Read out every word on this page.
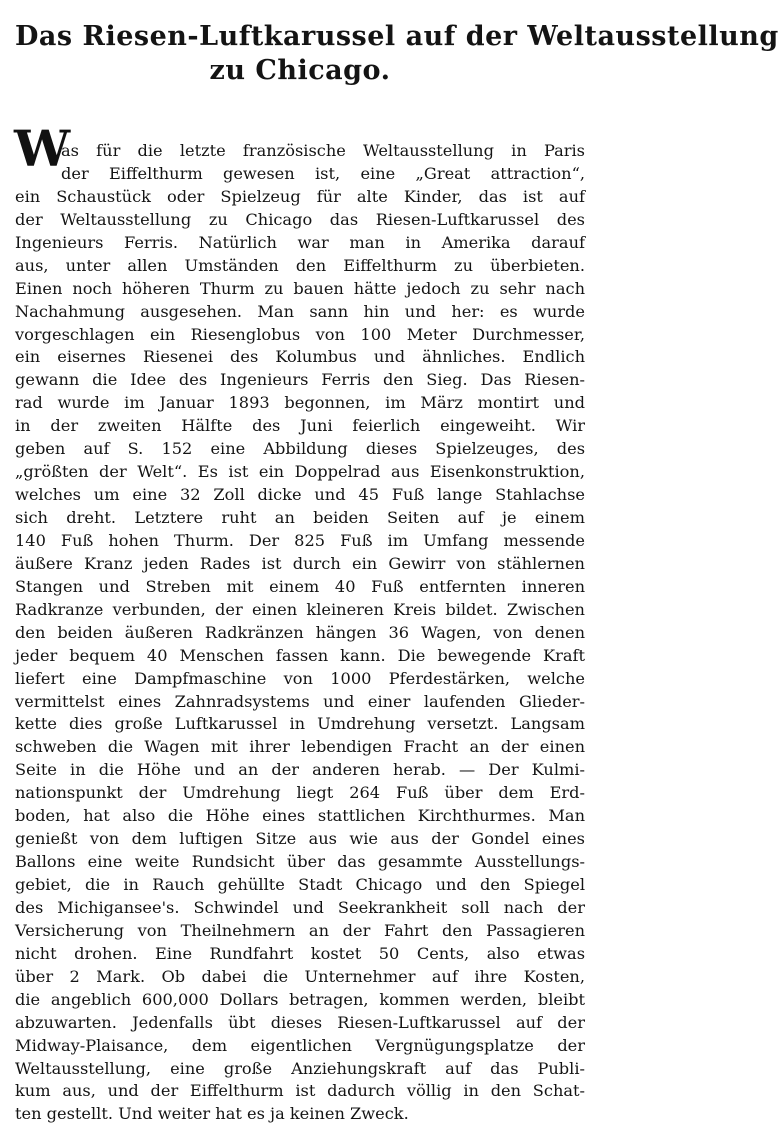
Das Riesen-Luftkarussel auf der Weltausstellung
zu Chicago.
W
as für die letzte französische Weltausstellung in Paris
der Eiffelthurm gewesen ist, eine „Great attraction“,
ein Schaustück oder Spielzeug für alte Kinder, das ist auf
der Weltausstellung zu Chicago das Riesen-Luftkarussel des
Ingenieurs Ferris. Natürlich war man in Amerika darauf
aus, unter allen Umständen den Eiffelthurm zu überbieten.
Einen noch höheren Thurm zu bauen hätte jedoch zu sehr nach
Nachahmung ausgesehen. Man sann hin und her: es wurde
vorgeschlagen ein Riesenglobus von 100 Meter Durchmesser,
ein eisernes Riesenei des Kolumbus und ähnliches. Endlich
gewann die Idee des Ingenieurs Ferris den Sieg. Das Riesen-
rad wurde im Januar 1893 begonnen, im März montirt und
in der zweiten Hälfte des Juni feierlich eingeweiht. Wir
geben auf S. 152 eine Abbildung dieses Spielzeuges, des
„größten der Welt“. Es ist ein Doppelrad aus Eisenkonstruktion,
welches um eine 32 Zoll dicke und 45 Fuß lange Stahlachse
sich dreht. Letztere ruht an beiden Seiten auf je einem
140 Fuß hohen Thurm. Der 825 Fuß im Umfang messende
äußere Kranz jeden Rades ist durch ein Gewirr von stählernen
Stangen und Streben mit einem 40 Fuß entfernten inneren
Radkranze verbunden, der einen kleineren Kreis bildet. Zwischen
den beiden äußeren Radkränzen hängen 36 Wagen, von denen
jeder bequem 40 Menschen fassen kann. Die bewegende Kraft
liefert eine Dampfmaschine von 1000 Pferdestärken, welche
vermittelst eines Zahnradsystems und einer laufenden Glieder-
kette dies große Luftkarussel in Umdrehung versetzt. Langsam
schweben die Wagen mit ihrer lebendigen Fracht an der einen
Seite in die Höhe und an der anderen herab. — Der Kulmi-
nationspunkt der Umdrehung liegt 264 Fuß über dem Erd-
boden, hat also die Höhe eines stattlichen Kirchthurmes. Man
genießt von dem luftigen Sitze aus wie aus der Gondel eines
Ballons eine weite Rundsicht über das gesammte Ausstellungs-
gebiet, die in Rauch gehüllte Stadt Chicago und den Spiegel
des Michigansee's. Schwindel und Seekrankheit soll nach der
Versicherung von Theilnehmern an der Fahrt den Passagieren
nicht drohen. Eine Rundfahrt kostet 50 Cents, also etwas
über 2 Mark. Ob dabei die Unternehmer auf ihre Kosten,
die angeblich 600,000 Dollars betragen, kommen werden, bleibt
abzuwarten. Jedenfalls übt dieses Riesen-Luftkarussel auf der
Midway-Plaisance, dem eigentlichen Vergnügungsplatze der
Weltausstellung, eine große Anziehungskraft auf das Publi-
kum aus, und der Eiffelthurm ist dadurch völlig in den Schat-
ten gestellt. Und weiter hat es ja keinen Zweck.
